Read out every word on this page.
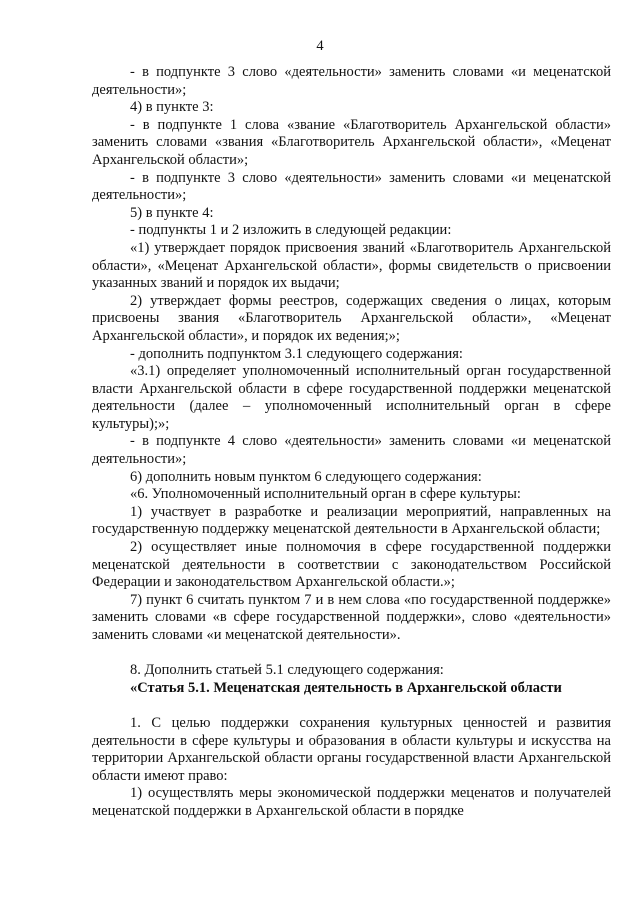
4

- в подпункте 3 слово «деятельности» заменить словами «и меценатской деятельности»;

4) в пункте 3:

- в подпункте 1 слова «звание «Благотворитель Архангельской области» заменить словами «звания «Благотворитель Архангельской области», «Меценат Архангельской области»;

- в подпункте 3 слово «деятельности» заменить словами «и меценатской деятельности»;

5) в пункте 4:

- подпункты 1 и 2 изложить в следующей редакции:

«1) утверждает порядок присвоения званий «Благотворитель Архангельской области», «Меценат Архангельской области», формы свидетельств о присвоении указанных званий и порядок их выдачи;

2) утверждает формы реестров, содержащих сведения о лицах, которым присвоены звания «Благотворитель Архангельской области», «Меценат Архангельской области», и порядок их ведения;»;

- дополнить подпунктом 3.1 следующего содержания:

«3.1) определяет уполномоченный исполнительный орган государственной власти Архангельской области в сфере государственной поддержки меценатской деятельности (далее – уполномоченный исполнительный орган в сфере культуры);»;

- в подпункте 4 слово «деятельности» заменить словами «и меценатской деятельности»;

6) дополнить новым пунктом 6 следующего содержания:

«6. Уполномоченный исполнительный орган в сфере культуры:

1) участвует в разработке и реализации мероприятий, направленных на государственную поддержку меценатской деятельности в Архангельской области;

2) осуществляет иные полномочия в сфере государственной поддержки меценатской деятельности в соответствии с законодательством Российской Федерации и законодательством Архангельской области.»;

7) пункт 6 считать пунктом 7 и в нем слова «по государственной поддержке» заменить словами «в сфере государственной поддержки», слово «деятельности» заменить словами «и меценатской деятельности».

8. Дополнить статьей 5.1 следующего содержания:

«Статья 5.1. Меценатская деятельность в Архангельской области

1. С целью поддержки сохранения культурных ценностей и развития деятельности в сфере культуры и образования в области культуры и искусства на территории Архангельской области органы государственной власти Архангельской области имеют право:

1) осуществлять меры экономической поддержки меценатов и получателей меценатской поддержки в Архангельской области в порядке
